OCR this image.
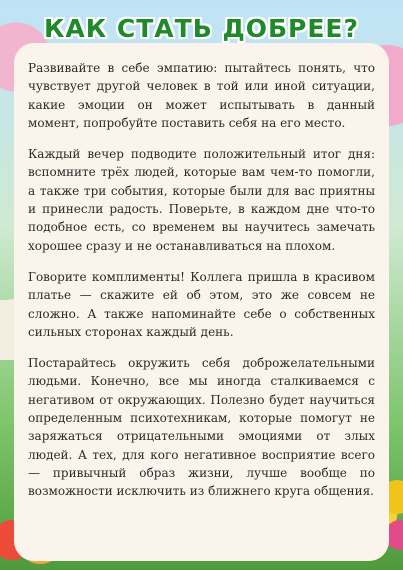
КАК СТАТЬ ДОБРЕЕ?

Развивайте в себе эмпатию: пытайтесь понять, что чувствует другой человек в той или иной ситуации, какие эмоции он может испытывать в данный момент, попробуйте поставить себя на его место.

Каждый вечер подводите положительный итог дня: вспомните трёх людей, которые вам чем-то помогли, а также три события, которые были для вас приятны и принесли радость. Поверьте, в каждом дне что-то подобное есть, со временем вы научитесь замечать хорошее сразу и не останавливаться на плохом.

Говорите комплименты! Коллега пришла в красивом платье — скажите ей об этом, это же совсем не сложно. А также напоминайте себе о собственных сильных сторонах каждый день.

Постарайтесь окружить себя доброжелательными людьми. Конечно, все мы иногда сталкиваемся с негативом от окружающих. Полезно будет научиться определенным психотехникам, которые помогут не заряжаться отрицательными эмоциями от злых людей. А тех, для кого негативное восприятие всего — привычный образ жизни, лучше вообще по возможности исключить из ближнего круга общения.
